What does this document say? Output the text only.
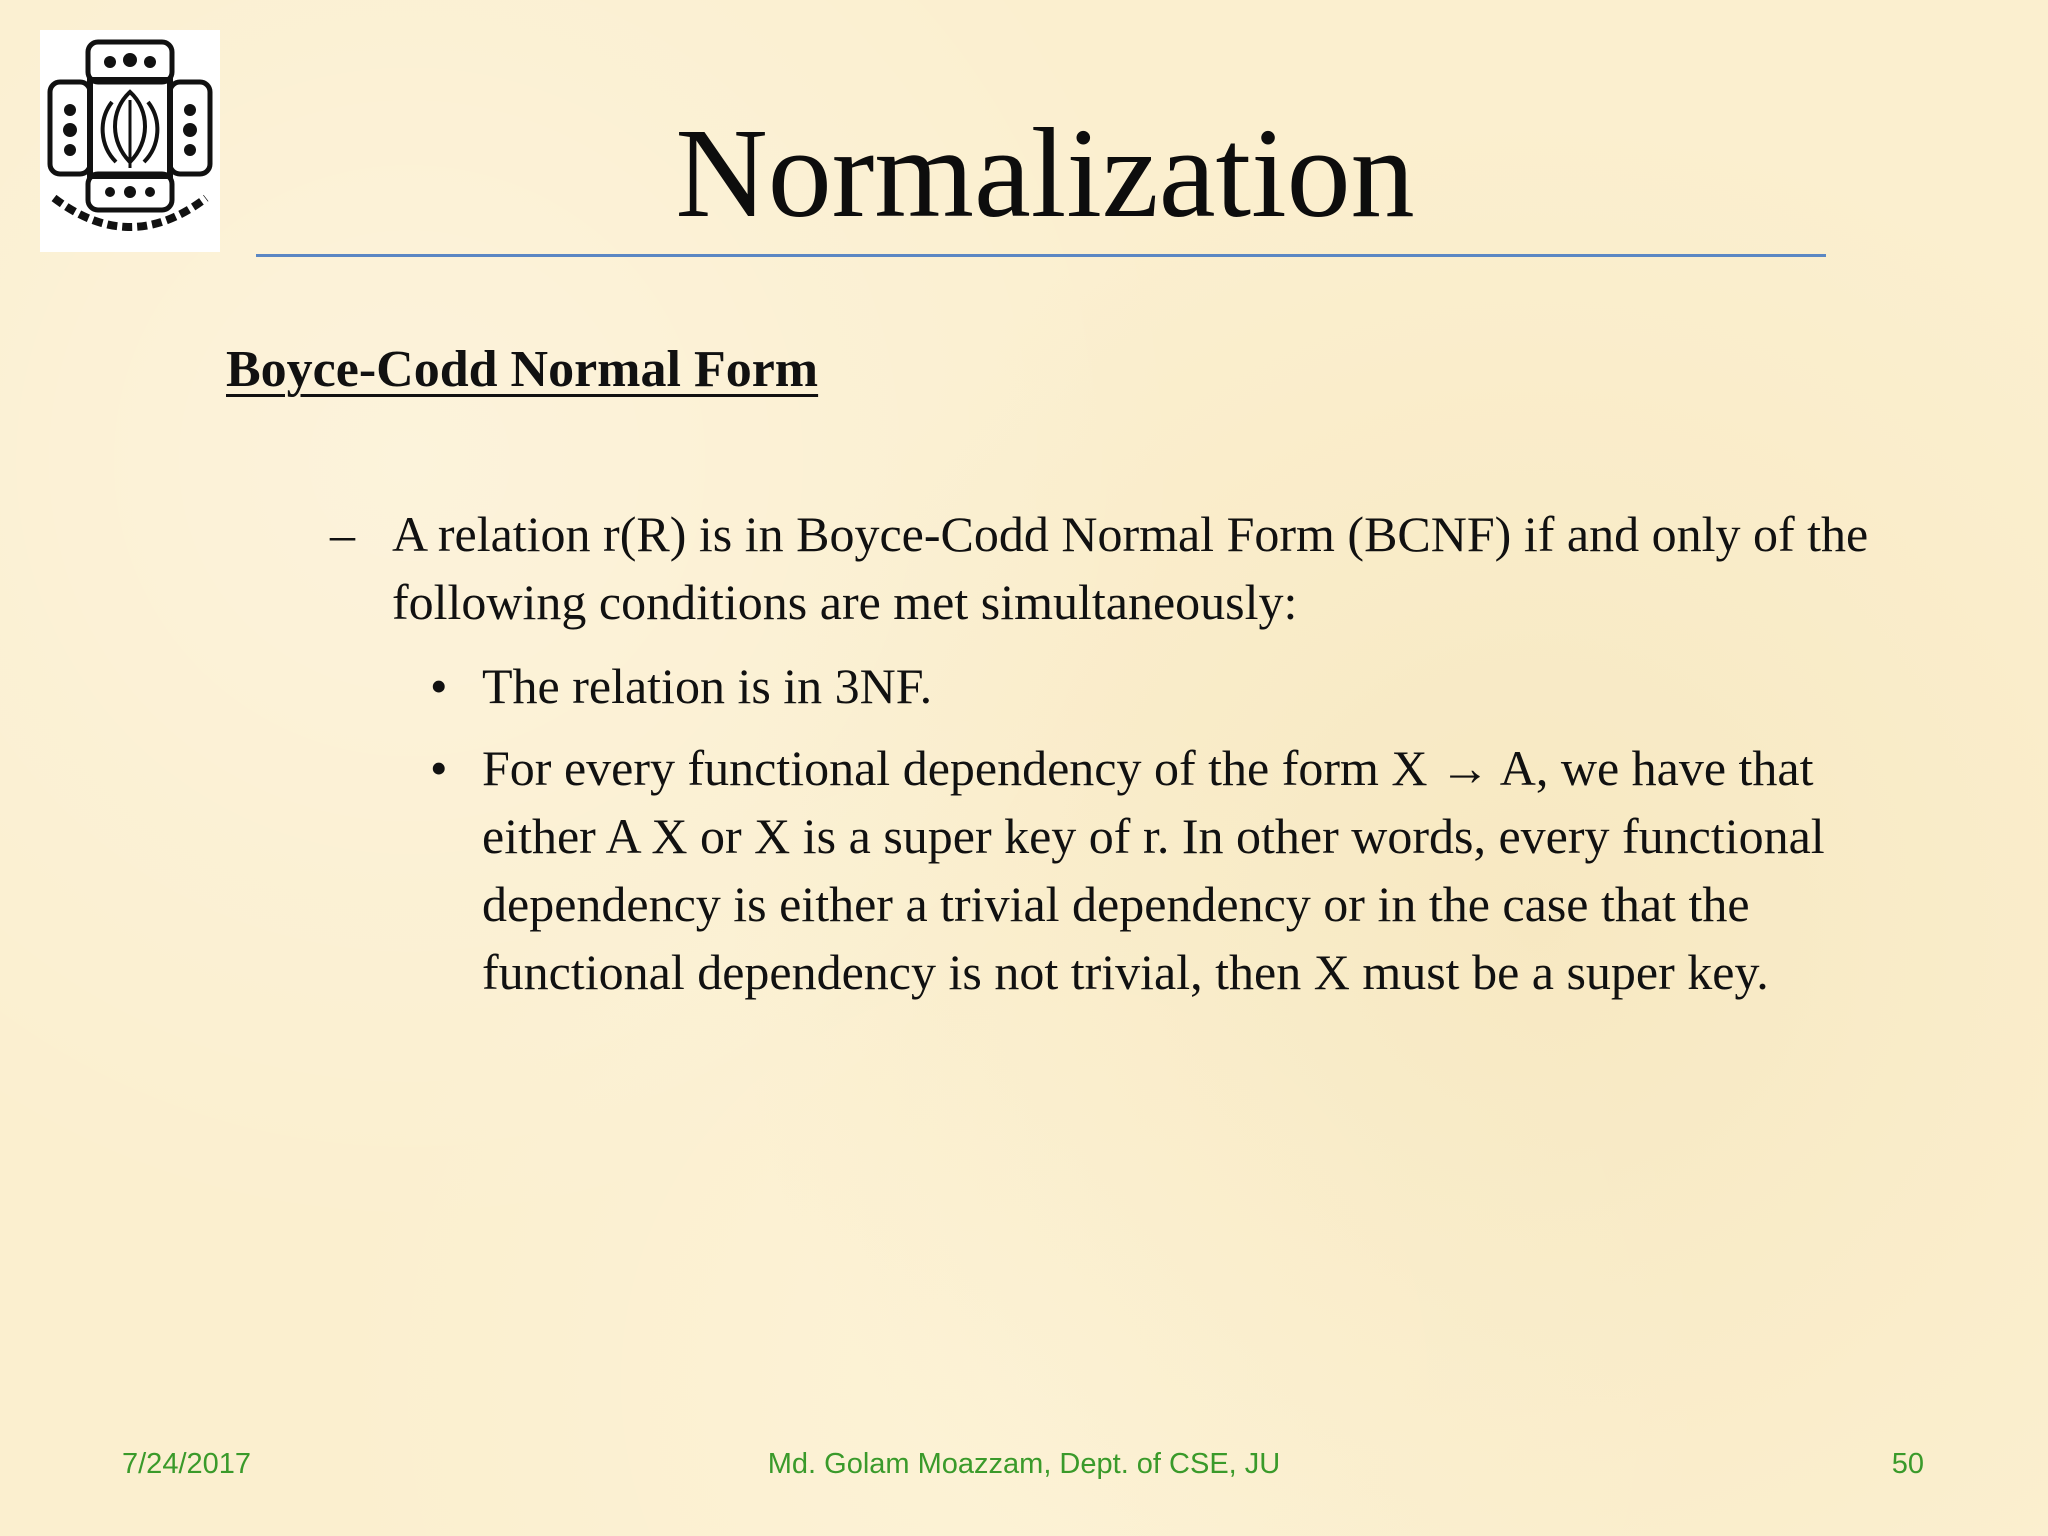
Normalization
Boyce-Codd Normal Form
– A relation r(R) is in Boyce-Codd Normal Form (BCNF) if and only of the following conditions are met simultaneously:
• The relation is in 3NF.
• For every functional dependency of the form X → A, we have that either A X or X is a super key of r. In other words, every functional dependency is either a trivial dependency or in the case that the functional dependency is not trivial, then X must be a super key.
7/24/2017	Md. Golam Moazzam, Dept. of CSE, JU	50
